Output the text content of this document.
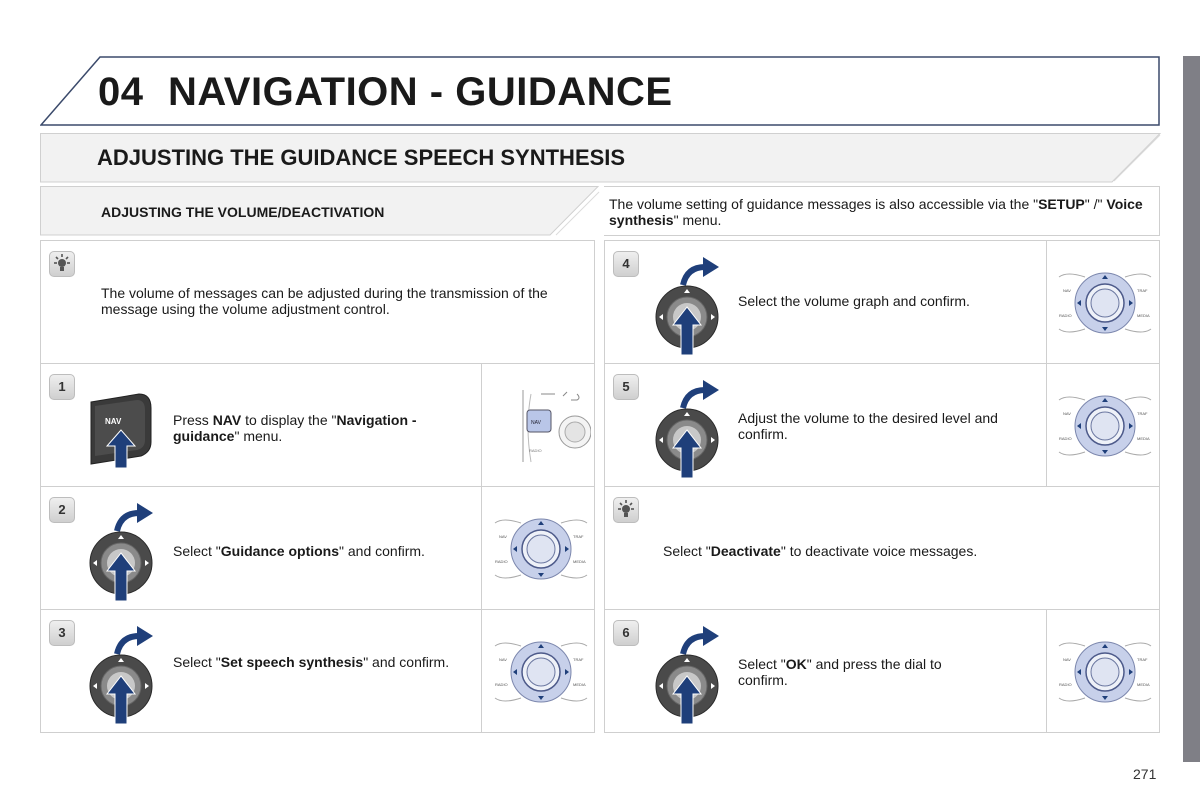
04 NAVIGATION - GUIDANCE
ADJUSTING THE GUIDANCE SPEECH SYNTHESIS
ADJUSTING THE VOLUME/DEACTIVATION	The volume setting of guidance messages is also accessible via the "SETUP" /" Voice synthesis" menu.
The volume of messages can be adjusted during the transmission of the message using the volume adjustment control.
1
NAV	Press NAV to display the "Navigation - guidance" menu.
NAV
RADIO
2
Select "Guidance options" and confirm.
NAV	TRAF
RADIO	MEDIA
3
Select "Set speech synthesis" and confirm.	NAV	TRAF
RADIO	MEDIA
4
Select the volume graph and confirm.
NAV	TRAF
RADIO	MEDIA
5
Adjust the volume to the desired level and confirm.
NAV	TRAF
RADIO	MEDIA
Select "Deactivate" to deactivate voice messages.
6
Select "OK" and press the dial to confirm.
NAV	TRAF
RADIO	MEDIA
271
